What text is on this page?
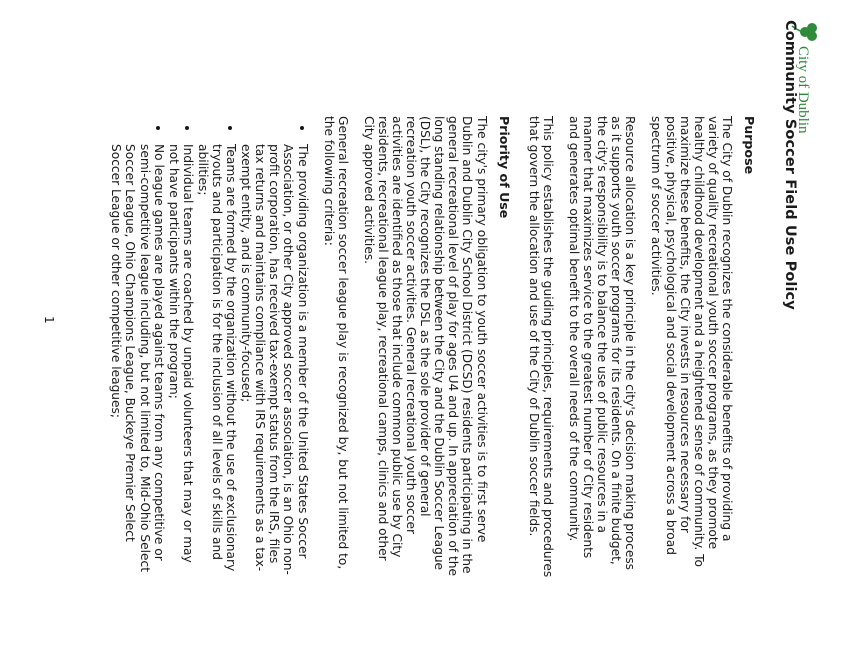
City of Dublin
Community Soccer Field Use Policy
Purpose

The City of Dublin recognizes the considerable benefits of providing a variety of quality recreational youth soccer programs, as they promote healthy childhood development and a heightened sense of community. To maximize these benefits, the City invests in resources necessary for positive, physical, psychological and social development across a broad spectrum of soccer activities.

Resource allocation is a key principle in the city's decision making process as it supports youth soccer programs for its residents. On a finite budget, the city's responsibility is to balance the use of public resources in a manner that maximizes service to the greatest number of City residents and generates optimal benefit to the overall needs of the community.

This policy establishes the guiding principles, requirements and procedures that govern the allocation and use of the City of Dublin soccer fields.

Priority of Use

The city's primary obligation to youth soccer activities is to first serve Dublin and Dublin City School District (DCSD) residents participating in the general recreational level of play for ages U4 and up. In appreciation of the long standing relationship between the City and the Dublin Soccer League (DSL), the City recognizes the DSL as the sole provider of general recreation youth soccer activities. General recreational youth soccer activities are identified as those that include common public use by City residents, recreational league play, recreational camps, clinics and other City approved activities.

General recreation soccer league play is recognized by, but not limited to, the following criteria:

• The providing organization is a member of the United States Soccer Association, or other City approved soccer association, is an Ohio non-profit corporation, has received tax-exempt status from the IRS, files tax returns and maintains compliance with IRS requirements as a tax-exempt entity, and is community-focused;
• Teams are formed by the organization without the use of exclusionary tryouts and participation is for the inclusion of all levels of skills and abilities;
• Individual teams are coached by unpaid volunteers that may or may not have participants within the program;
• No league games are played against teams from any competitive or semi-competitive league including, but not limited to, Mid-Ohio Select Soccer League, Ohio Champions League, Buckeye Premier Select Soccer League or other competitive leagues;
1
